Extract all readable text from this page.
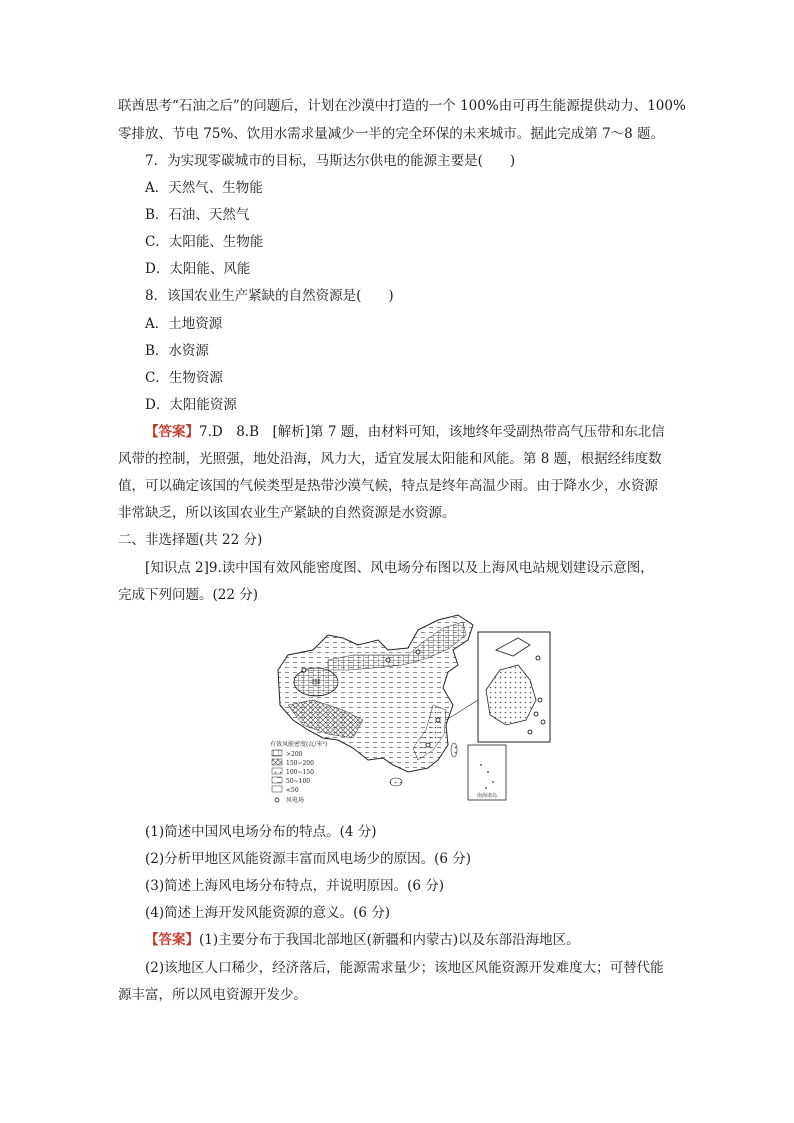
联酋思考“石油之后”的问题后，计划在沙漠中打造的一个 100%由可再生能源提供动力、100%
零排放、节电 75%、饮用水需求量减少一半的完全环保的未来城市。据此完成第 7～8 题。
7．为实现零碳城市的目标，马斯达尔供电的能源主要是(　　)
A．天然气、生物能
B．石油、天然气
C．太阳能、生物能
D．太阳能、风能
8．该国农业生产紧缺的自然资源是(　　)
A．土地资源
B．水资源
C．生物资源
D．太阳能资源
【答案】7.D　8.B　[解析]第 7 题，由材料可知，该地终年受副热带高气压带和东北信
风带的控制，光照强，地处沿海，风力大，适宜发展太阳能和风能。第 8 题，根据经纬度数
值，可以确定该国的气候类型是热带沙漠气候，特点是终年高温少雨。由于降水少，水资源
非常缺乏，所以该国农业生产紧缺的自然资源是水资源。
二、非选择题(共 22 分)
[知识点 2]9.读中国有效风能密度图、风电场分布图以及上海风电站规划建设示意图，
完成下列问题。(22 分)
甲
南海诸岛
有效风能密度(瓦/米²)
>200
150~200
100~150
50~100
<50
风电场
(1)简述中国风电场分布的特点。(4 分)
(2)分析甲地区风能资源丰富而风电场少的原因。(6 分)
(3)简述上海风电场分布特点，并说明原因。(6 分)
(4)简述上海开发风能资源的意义。(6 分)
【答案】(1)主要分布于我国北部地区(新疆和内蒙古)以及东部沿海地区。
(2)该地区人口稀少，经济落后，能源需求量少；该地区风能资源开发难度大；可替代能
源丰富，所以风电资源开发少。
